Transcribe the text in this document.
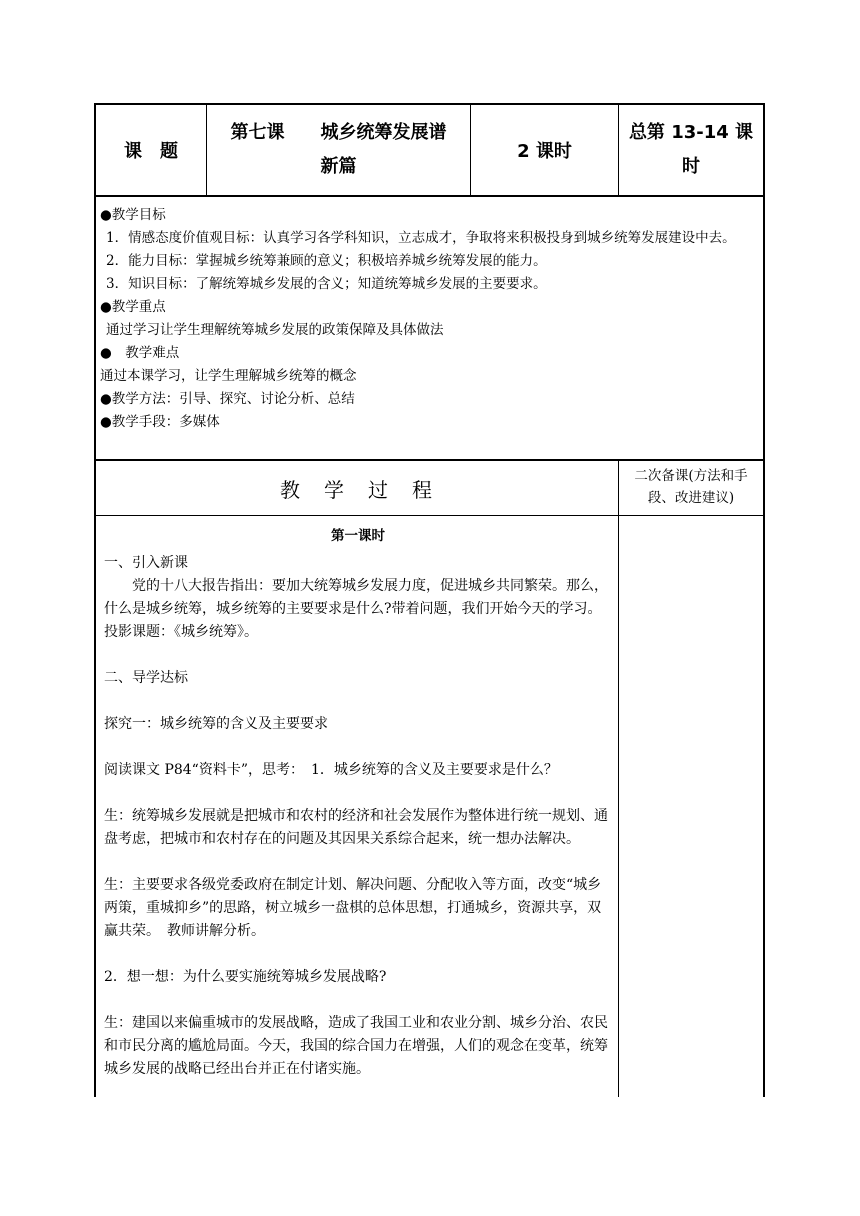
课　题
第七课　　城乡统筹发展谱
新篇
2 课时
总第 13-14 课
时

●教学目标

1．情感态度价值观目标：认真学习各学科知识，立志成才，争取将来积极投身到城乡统筹发展建设中去。

2．能力目标：掌握城乡统筹兼顾的意义；积极培养城乡统筹发展的能力。

3．知识目标：了解统筹城乡发展的含义；知道统筹城乡发展的主要要求。

●教学重点

通过学习让学生理解统筹城乡发展的政策保障及具体做法

●　教学难点

通过本课学习，让学生理解城乡统筹的概念

●教学方法：引导、探究、讨论分析、总结

●教学手段：多媒体

教　学　过　程
二次备课(方法和手
段、改进建议)

第一课时

一、引入新课

党的十八大报告指出：要加大统筹城乡发展力度，促进城乡共同繁荣。那么，什么是城乡统筹，城乡统筹的主要要求是什么?带着问题，我们开始今天的学习。　 投影课题：《城乡统筹》。

二、导学达标

探究一：城乡统筹的含义及主要要求

阅读课文 P84“资料卡”，思考：　1．城乡统筹的含义及主要要求是什么？

生：统筹城乡发展就是把城市和农村的经济和社会发展作为整体进行统一规划、通盘考虑，把城市和农村存在的问题及其因果关系综合起来，统一想办法解决。

生：主要要求各级党委政府在制定计划、解决问题、分配收入等方面，改变“城乡两策，重城抑乡”的思路，树立城乡一盘棋的总体思想，打通城乡，资源共享，双赢共荣。　教师讲解分析。

2．想一想：为什么要实施统筹城乡发展战略?

生：建国以来偏重城市的发展战略，造成了我国工业和农业分割、城乡分治、农民和市民分离的尴尬局面。今天，我国的综合国力在增强，人们的观念在变革，统筹城乡发展的战略已经出台并正在付诸实施。
